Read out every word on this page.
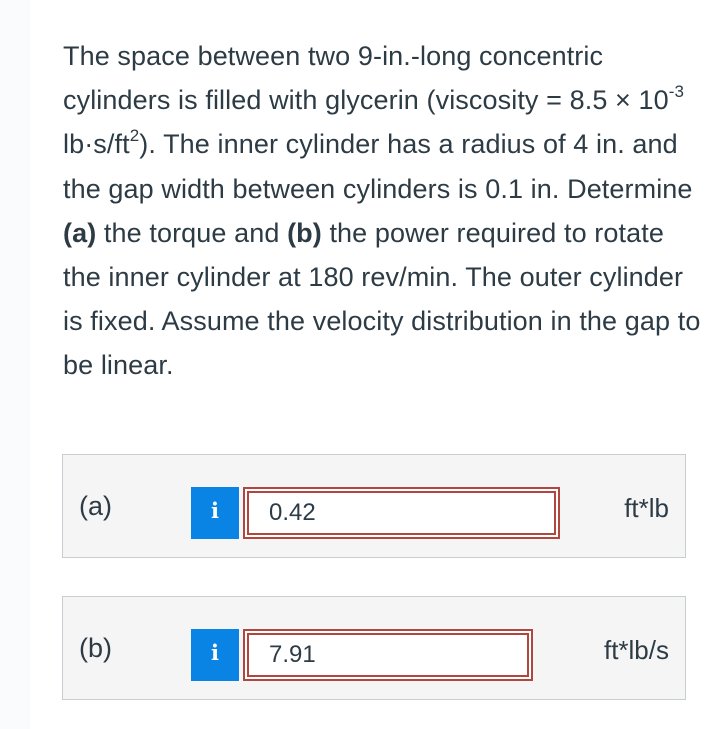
The space between two 9-in.-long concentric cylinders is filled with glycerin (viscosity = $8.5 \times 10^{-3}$ $lb\cdot s/ft^2$). The inner cylinder has a radius of 4 in. and the gap width between cylinders is 0.1 in. Determine (a) the torque and (b) the power required to rotate the inner cylinder at 180 rev/min. The outer cylinder is fixed. Assume the velocity distribution in the gap to be linear.
(a)	i	0.42	ft*lb
(b)	i	7.91	ft*lb/s
